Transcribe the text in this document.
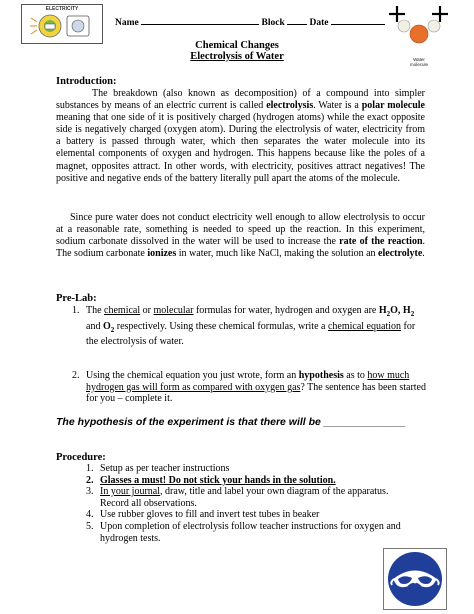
ELECTRICITY
Name	Block	Date
Water
molecule
Chemical Changes
Electrolysis of Water
Introduction:
The breakdown (also known as decomposition) of a compound into simpler substances by means of an electric current is called electrolysis. Water is a polar molecule meaning that one side of it is positively charged (hydrogen atoms) while the exact opposite side is negatively charged (oxygen atom). During the electrolysis of water, electricity from a battery is passed through water, which then separates the water molecule into its elemental components of oxygen and hydrogen. This happens because like the poles of a magnet, opposites attract. In other words, with electricity, positives attract negatives! The positive and negative ends of the battery literally pull apart the atoms of the molecule.
Since pure water does not conduct electricity well enough to allow electrolysis to occur at a reasonable rate, something is needed to speed up the reaction. In this experiment, sodium carbonate dissolved in the water will be used to increase the rate of the reaction. The sodium carbonate ionizes in water, much like NaCl, making the solution an electrolyte.
Pre-Lab:
1. The chemical or molecular formulas for water, hydrogen and oxygen are $H_2O$, $H_2$ and $O_2$ respectively. Using these chemical formulas, write a chemical equation for the electrolysis of water.
2. Using the chemical equation you just wrote, form an hypothesis as to how much hydrogen gas will form as compared with oxygen gas? The sentence has been started for you – complete it.
The hypothesis of the experiment is that there will be ______________
Procedure:
1. Setup as per teacher instructions
2. Glasses a must! Do not stick your hands in the solution.
3. In your journal, draw, title and label your own diagram of the apparatus. Record all observations.
4. Use rubber gloves to fill and invert test tubes in beaker
5. Upon completion of electrolysis follow teacher instructions for oxygen and hydrogen tests.
